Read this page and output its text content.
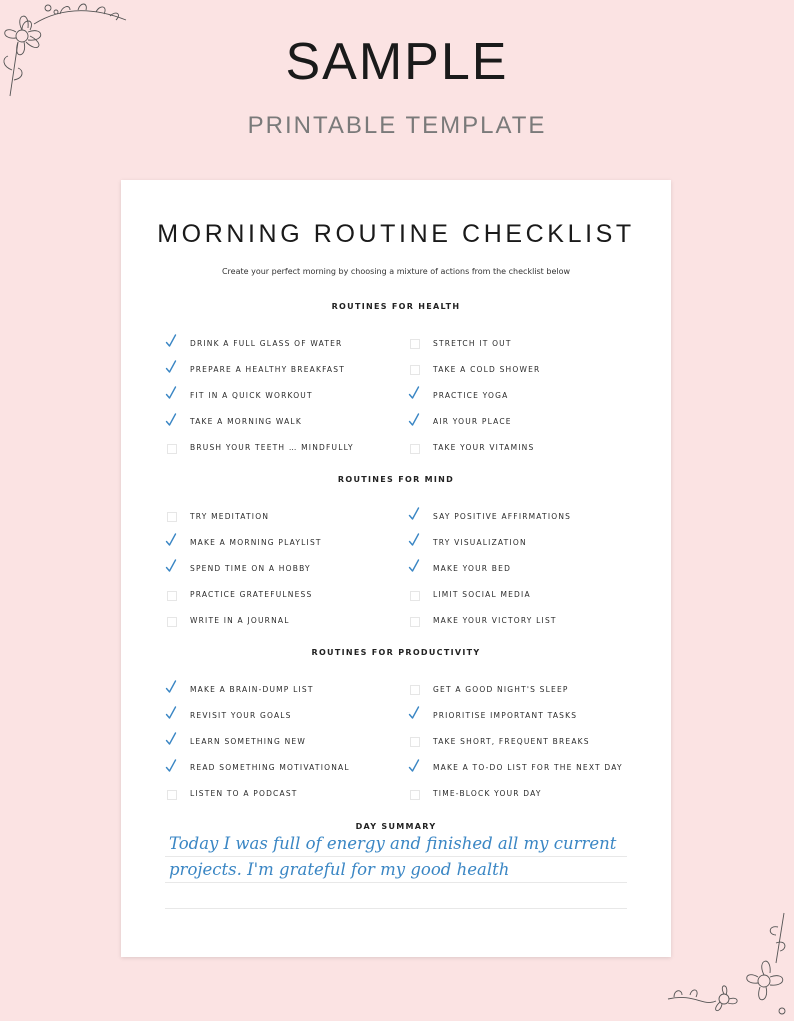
SAMPLE
PRINTABLE TEMPLATE
MORNING ROUTINE CHECKLIST
Create your perfect morning by choosing a mixture of actions from the checklist below
ROUTINES FOR HEALTH
DRINK A FULL GLASS OF WATER
PREPARE A HEALTHY BREAKFAST
FIT IN A QUICK WORKOUT
TAKE A MORNING WALK
BRUSH YOUR TEETH … MINDFULLY
STRETCH IT OUT
TAKE A COLD SHOWER
PRACTICE YOGA
AIR YOUR PLACE
TAKE YOUR VITAMINS
ROUTINES FOR MIND
TRY MEDITATION
MAKE A MORNING PLAYLIST
SPEND TIME ON A HOBBY
PRACTICE GRATEFULNESS
WRITE IN A JOURNAL
SAY POSITIVE AFFIRMATIONS
TRY VISUALIZATION
MAKE YOUR BED
LIMIT SOCIAL MEDIA
MAKE YOUR VICTORY LIST
ROUTINES FOR PRODUCTIVITY
MAKE A BRAIN-DUMP LIST
REVISIT YOUR GOALS
LEARN SOMETHING NEW
READ SOMETHING MOTIVATIONAL
LISTEN TO A PODCAST
GET A GOOD NIGHT'S SLEEP
PRIORITISE IMPORTANT TASKS
TAKE SHORT, FREQUENT BREAKS
MAKE A TO-DO LIST FOR THE NEXT DAY
TIME-BLOCK YOUR DAY
DAY SUMMARY
Today I was full of energy and finished all my current
projects. I'm grateful for my good health
